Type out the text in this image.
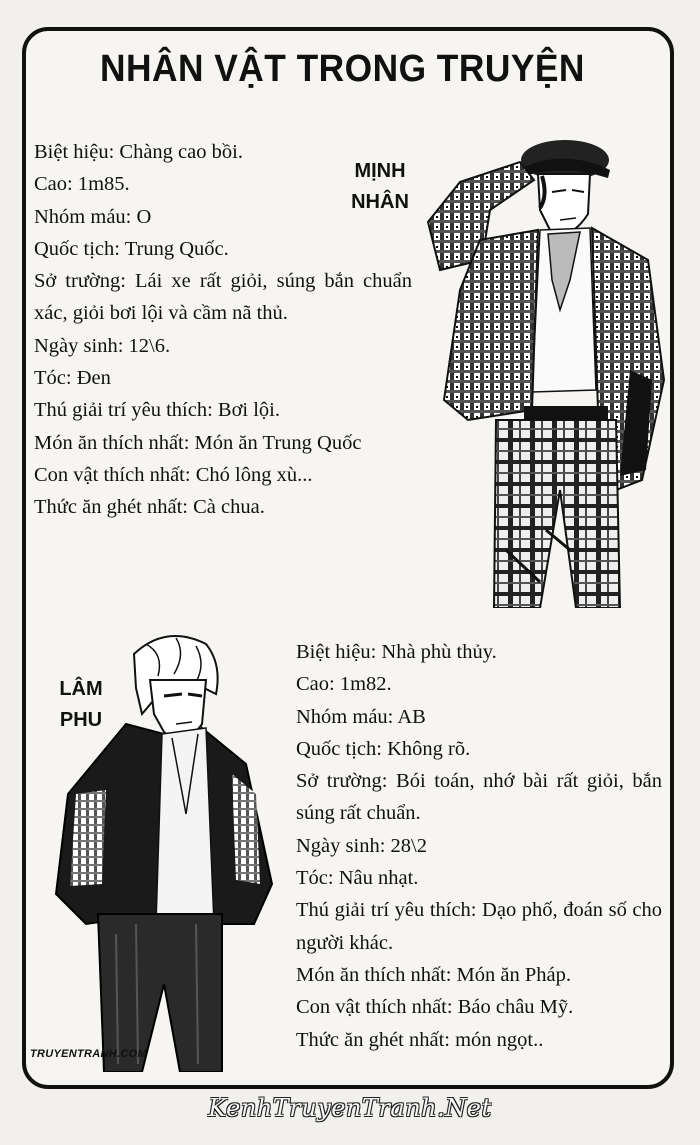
NHÂN VẬT TRONG TRUYỆN
Biệt hiệu: Chàng cao bồi.
Cao: 1m85.
Nhóm máu: O
Quốc tịch: Trung Quốc.
Sở trường: Lái xe rất giỏi, súng bắn chuẩn xác, giỏi bơi lội và cầm nã thủ.
Ngày sinh: 12\6.
Tóc: Đen
Thú giải trí yêu thích: Bơi lội.
Món ăn thích nhất: Món ăn Trung Quốc
Con vật thích nhất: Chó lông xù...
Thức ăn ghét nhất: Cà chua.
MỊNH
NHÂN
Biệt hiệu: Nhà phù thủy.
Cao: 1m82.
Nhóm máu: AB
Quốc tịch: Không rõ.
Sở trường: Bói toán, nhớ bài rất giỏi, bắn súng rất chuẩn.
Ngày sinh: 28\2
Tóc: Nâu nhạt.
Thú giải trí yêu thích: Dạo phố, đoán số cho người khác.
Món ăn thích nhất: Món ăn Pháp.
Con vật thích nhất: Báo châu Mỹ.
Thức ăn ghét nhất: món ngọt..
LÂM
PHU
TRUYENTRANH.COM
KenhTruyenTranh.Net
